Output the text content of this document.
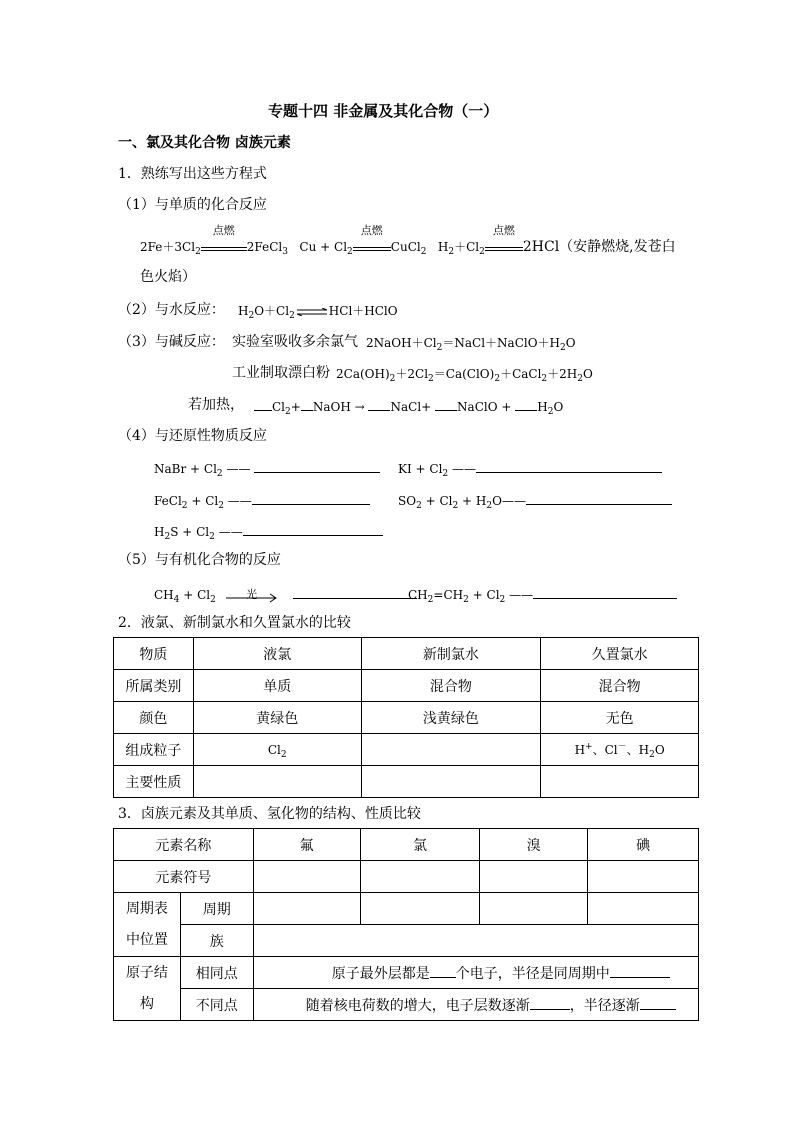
专题十四 非金属及其化合物（一）
一、氯及其化合物 卤族元素
1．熟练写出这些方程式
（1）与单质的化合反应
$2Fe+3Cl_2$
点燃
2FeCl$_3$ $Cu + Cl_2$
点燃
CuCl$_2$ $H_2+Cl_2$
点燃
2HCl（安静燃烧,发苍白
色火焰）
（2）与水反应： $H_2O+Cl_2\rightleftharpoons HCl+HClO$
（3）与碱反应： 实验室吸收多余氯气 $2NaOH+Cl_2=NaCl+NaClO+H_2O$
工业制取漂白粉 $2Ca(OH)_2+2Cl_2=Ca(ClO)_2+CaCl_2+2H_2O$
若加热，	$Cl_2+$ NaOH → NaCl+ NaClO + $H_2O$
（4）与还原性物质反应
NaBr + $Cl_2$ ——	KI + $Cl_2$ ——
FeCl$_2$ + $Cl_2$ ——	$SO_2 + Cl_2$ + $H_2O——$
$H_2S + Cl_2$ ——
（5）与有机化合物的反应
$CH_4 + Cl_2$	光
	$CH_2=CH_2 + Cl_2$ ——
2．液氯、新制氯水和久置氯水的比较
物质	液氯	新制氯水	久置氯水
所属类别	单质	混合物	混合物
颜色	黄绿色	浅黄绿色	无色
组成粒子	$Cl_2$		H+、Cl－、$H_2O$
主要性质			
3．卤族元素及其单质、氢化物的结构、性质比较
元素名称		氟	氯	溴	碘
元素符号					
周期表
中位置	周期				
	族				
原子结
构	相同点	原子最外层都是 个电子，半径是同周期中			
	不同点	随着核电荷数的增大，电子层数逐渐 ，半径逐渐			
